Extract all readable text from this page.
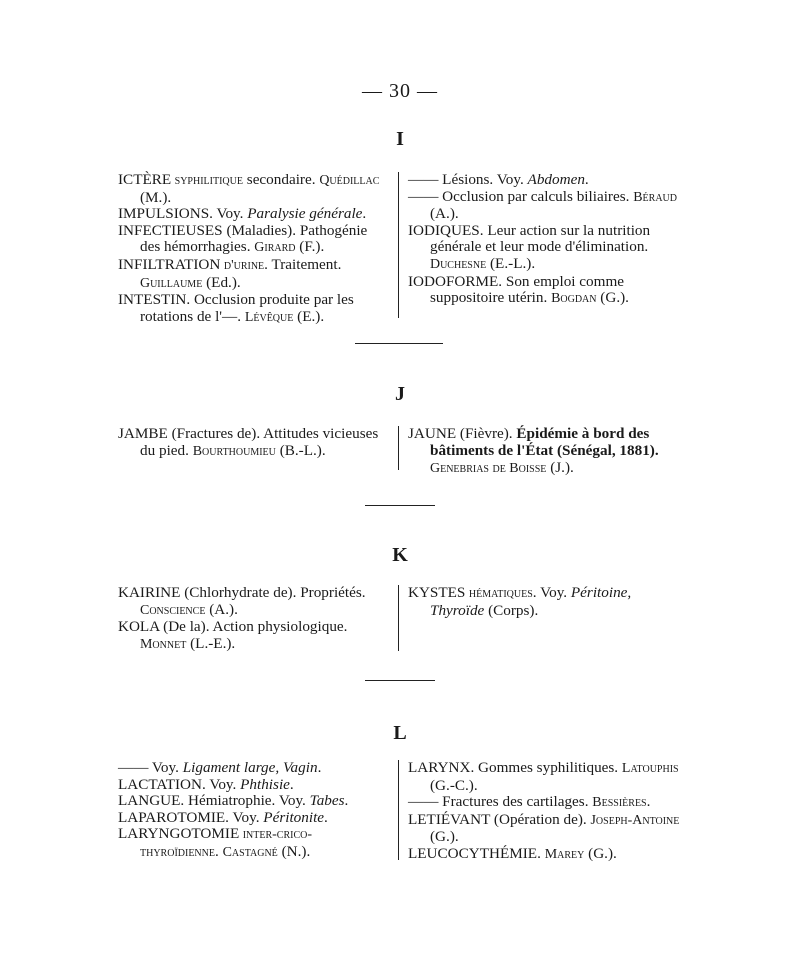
— 30 —
I

ICTÈRE syphilitique secondaire. Quédillac (M.).

IMPULSIONS. Voy. Paralysie générale.

INFECTIEUSES (Maladies). Pathogénie des hémorrhagies. Girard (F.).

INFILTRATION d'urine. Traitement. Guillaume (Ed.).

INTESTIN. Occlusion produite par les rotations de l'—. Lévêque (E.).

—— Lésions. Voy. Abdomen.

—— Occlusion par calculs biliaires. Béraud (A.).

IODIQUES. Leur action sur la nutrition générale et leur mode d'élimination. Duchesne (E.-L.).

IODOFORME. Son emploi comme suppositoire utérin. Bogdan (G.).

J

JAMBE (Fractures de). Attitudes vicieuses du pied. Bourthoumieu (B.-L.).

JAUNE (Fièvre). Épidémie à bord des bâtiments de l'État (Sénégal, 1881). Genebrias de Boisse (J.).

K

KAIRINE (Chlorhydrate de). Propriétés. Conscience (A.).

KOLA (De la). Action physiologique. Monnet (L.-E.).

KYSTES hématiques. Voy. Péritoine, Thyroïde (Corps).

L

—— Voy. Ligament large, Vagin.

LACTATION. Voy. Phthisie.

LANGUE. Hémiatrophie. Voy. Tabes.

LAPAROTOMIE. Voy. Péritonite.

LARYNGOTOMIE inter-crico-thyroïdienne. Castagné (N.).

LARYNX. Gommes syphilitiques. Latouphis (G.-C.).

—— Fractures des cartilages. Bessières.

LETIÉVANT (Opération de). Joseph-Antoine (G.).

LEUCOCYTHÉMIE. Marey (G.).
